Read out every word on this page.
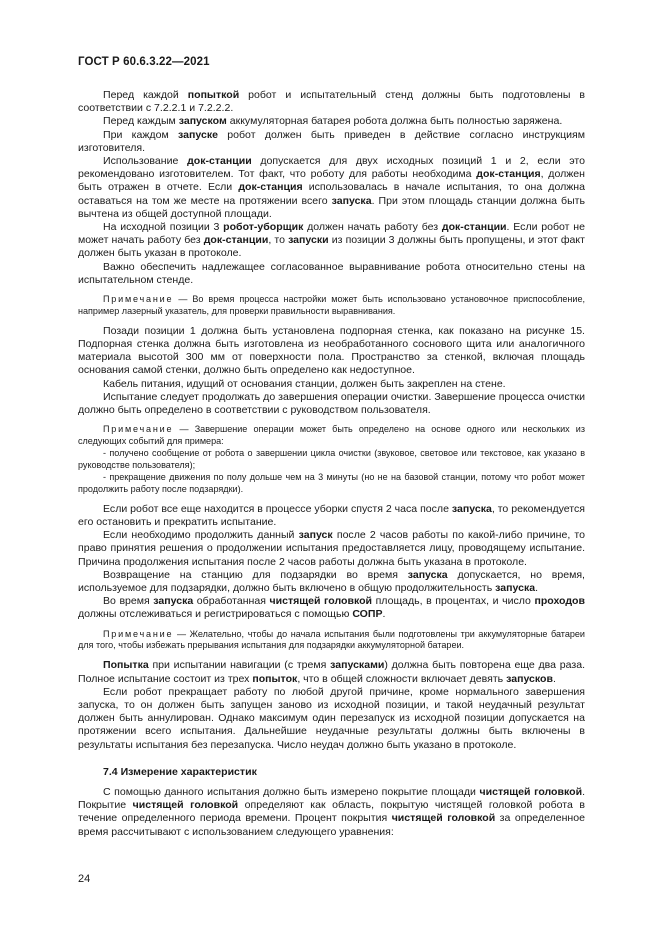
ГОСТ Р 60.6.3.22—2021

Перед каждой попыткой робот и испытательный стенд должны быть подготовлены в соответствии с 7.2.2.1 и 7.2.2.2.

Перед каждым запуском аккумуляторная батарея робота должна быть полностью заряжена.

При каждом запуске робот должен быть приведен в действие согласно инструкциям изготовителя.

Использование док-станции допускается для двух исходных позиций 1 и 2, если это рекомендовано изготовителем. Тот факт, что роботу для работы необходима док-станция, должен быть отражен в отчете. Если док-станция использовалась в начале испытания, то она должна оставаться на том же месте на протяжении всего запуска. При этом площадь станции должна быть вычтена из общей доступной площади.

На исходной позиции 3 робот-уборщик должен начать работу без док-станции. Если робот не может начать работу без док-станции, то запуски из позиции 3 должны быть пропущены, и этот факт должен быть указан в протоколе.

Важно обеспечить надлежащее согласованное выравнивание робота относительно стены на испытательном стенде.

Примечание — Во время процесса настройки может быть использовано установочное приспособление, например лазерный указатель, для проверки правильности выравнивания.

Позади позиции 1 должна быть установлена подпорная стенка, как показано на рисунке 15. Подпорная стенка должна быть изготовлена из необработанного соснового щита или аналогичного материала высотой 300 мм от поверхности пола. Пространство за стенкой, включая площадь основания самой стенки, должно быть определено как недоступное.

Кабель питания, идущий от основания станции, должен быть закреплен на стене.

Испытание следует продолжать до завершения операции очистки. Завершение процесса очистки должно быть определено в соответствии с руководством пользователя.

Примечание — Завершение операции может быть определено на основе одного или нескольких из следующих событий для примера:
- получено сообщение от робота о завершении цикла очистки (звуковое, световое или текстовое, как указано в руководстве пользователя);
- прекращение движения по полу дольше чем на 3 минуты (но не на базовой станции, потому что робот может продолжить работу после подзарядки).

Если робот все еще находится в процессе уборки спустя 2 часа после запуска, то рекомендуется его остановить и прекратить испытание.

Если необходимо продолжить данный запуск после 2 часов работы по какой-либо причине, то право принятия решения о продолжении испытания предоставляется лицу, проводящему испытание. Причина продолжения испытания после 2 часов работы должна быть указана в протоколе.

Возвращение на станцию для подзарядки во время запуска допускается, но время, используемое для подзарядки, должно быть включено в общую продолжительность запуска.

Во время запуска обработанная чистящей головкой площадь, в процентах, и число проходов должны отслеживаться и регистрироваться с помощью СОПР.

Примечание — Желательно, чтобы до начала испытания были подготовлены три аккумуляторные батареи для того, чтобы избежать прерывания испытания для подзарядки аккумуляторной батареи.

Попытка при испытании навигации (с тремя запусками) должна быть повторена еще два раза. Полное испытание состоит из трех попыток, что в общей сложности включает девять запусков.

Если робот прекращает работу по любой другой причине, кроме нормального завершения запуска, то он должен быть запущен заново из исходной позиции, и такой неудачный результат должен быть аннулирован. Однако максимум один перезапуск из исходной позиции допускается на протяжении всего испытания. Дальнейшие неудачные результаты должны быть включены в результаты испытания без перезапуска. Число неудач должно быть указано в протоколе.

7.4 Измерение характеристик

С помощью данного испытания должно быть измерено покрытие площади чистящей головкой. Покрытие чистящей головкой определяют как область, покрытую чистящей головкой робота в течение определенного периода времени. Процент покрытия чистящей головкой за определенное время рассчитывают с использованием следующего уравнения:

24
